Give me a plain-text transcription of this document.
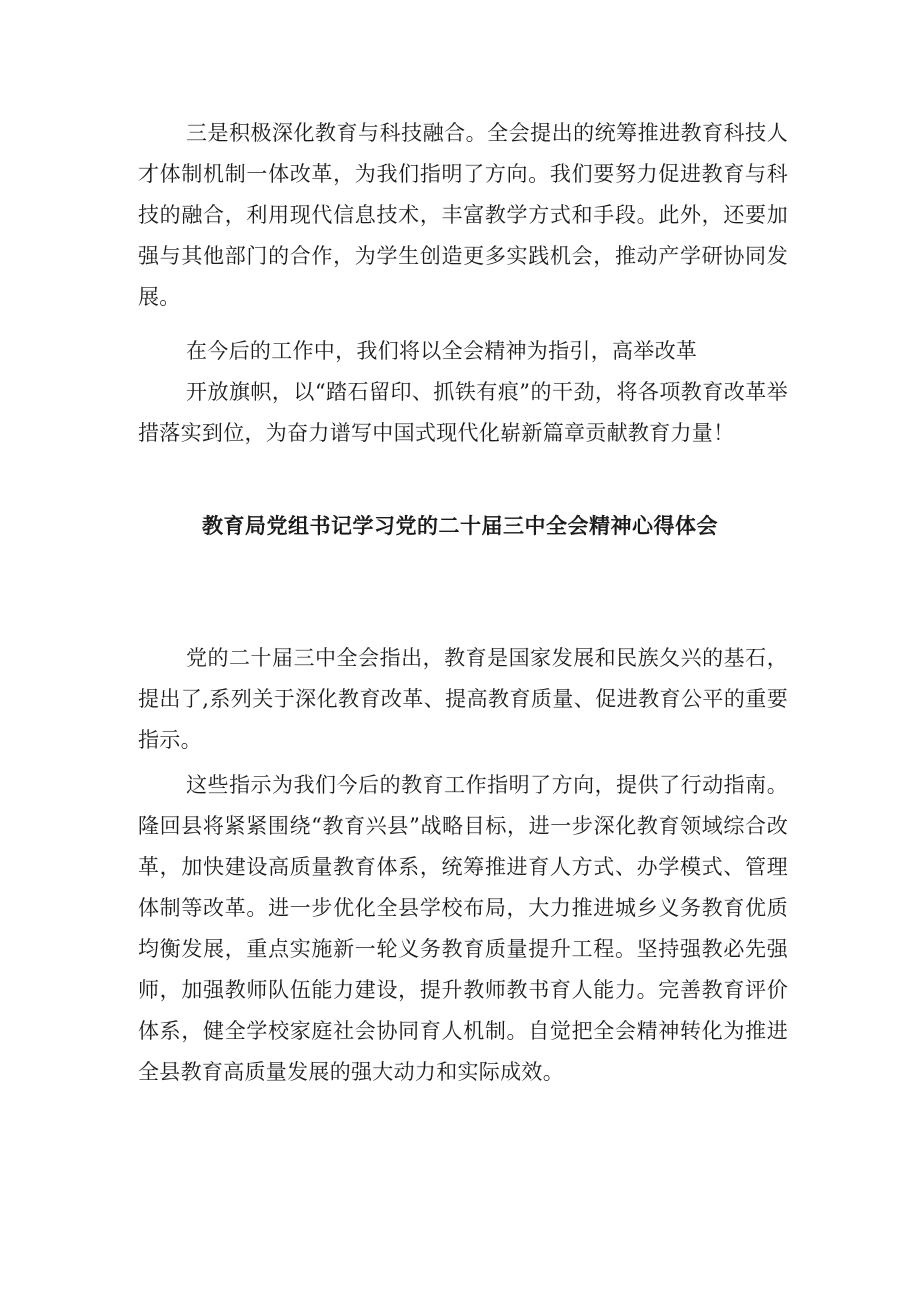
三是积极深化教育与科技融合。全会提出的统筹推进教育科技人才体制机制一体改革，为我们指明了方向。我们要努力促进教育与科技的融合，利用现代信息技术，丰富教学方式和手段。此外，还要加强与其他部门的合作，为学生创造更多实践机会，推动产学研协同发展。

在今后的工作中，我们将以全会精神为指引，高举改革

开放旗帜，以“踏石留印、抓铁有痕”的干劲，将各项教育改革举措落实到位，为奋力谱写中国式现代化崭新篇章贡献教育力量！

教育局党组书记学习党的二十届三中全会精神心得体会

党的二十届三中全会指出，教育是国家发展和民族夂兴的基石，提出了,系列关于深化教育改革、提高教育质量、促进教育公平的重要指示。

这些指示为我们今后的教育工作指明了方向，提供了行动指南。隆回县将紧紧围绕“教育兴县”战略目标，进一步深化教育领域综合改革，加快建设高质量教育体系，统筹推进育人方式、办学模式、管理体制等改革。进一步优化全县学校布局，大力推进城乡义务教育优质均衡发展，重点实施新一轮义务教育质量提升工程。坚持强教必先强师，加强教师队伍能力建设，提升教师教书育人能力。完善教育评价体系，健全学校家庭社会协同育人机制。自觉把全会精神转化为推进全县教育高质量发展的强大动力和实际成效。
